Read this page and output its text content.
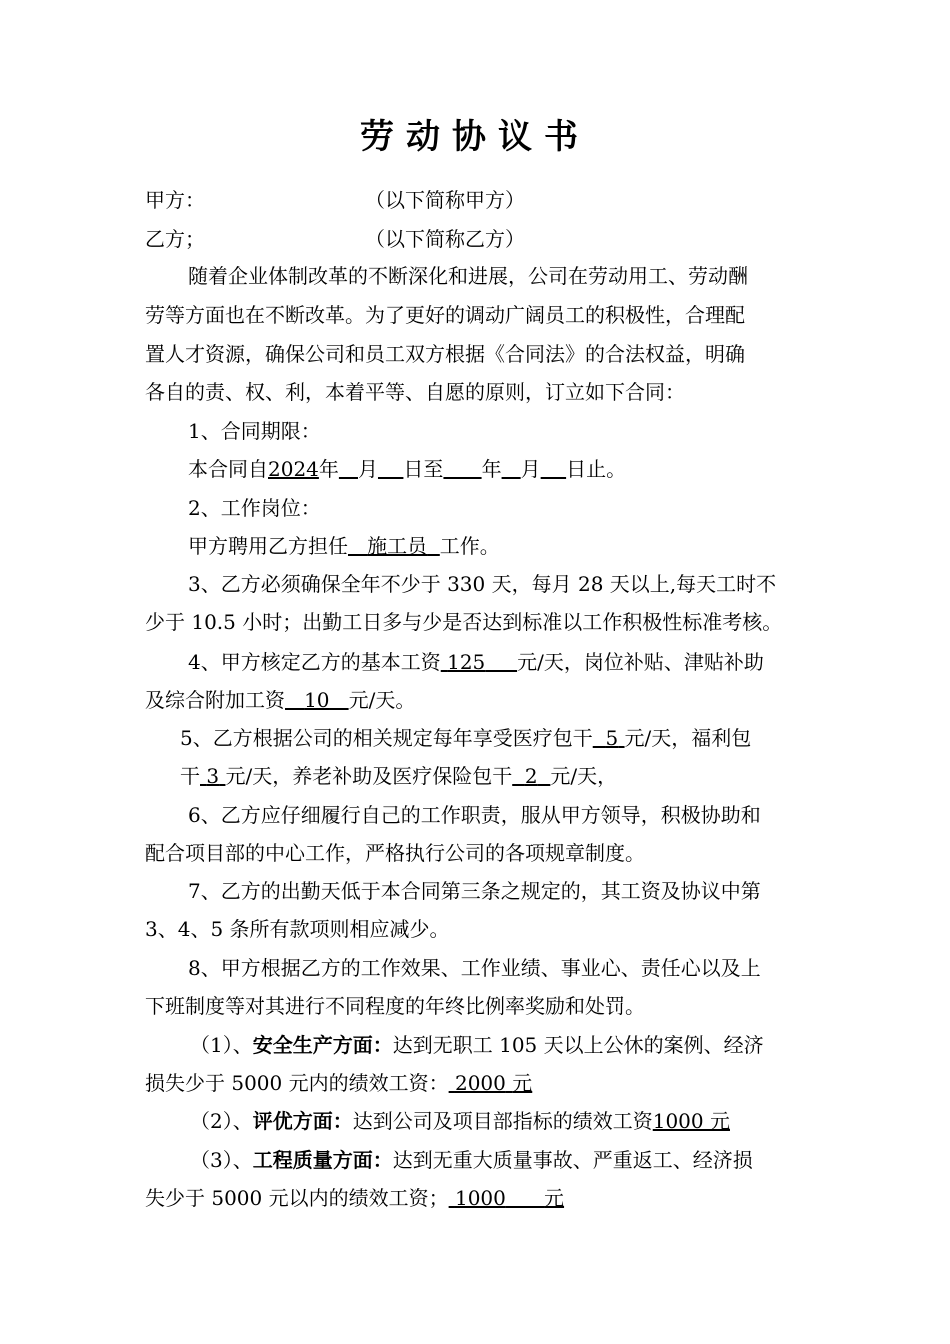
劳动协议书
甲方：	（以下简称甲方）
乙方；	（以下简称乙方）
随着企业体制改革的不断深化和进展，公司在劳动用工、劳动酬
劳等方面也在不断改革。为了更好的调动广阔员工的积极性，合理配
置人才资源，确保公司和员工双方根据《合同法》的合法权益，明确
各自的责、权、利，本着平等、自愿的原则，订立如下合同：
1、合同期限：
本合同自2024年 月 日至 年 月 日止。
2、工作岗位：
甲方聘用乙方担任 施工员 工作。
3、乙方必须确保全年不少于 330 天，每月 28 天以上,每天工时不
少于 10.5 小时；出勤工日多与少是否达到标准以工作积极性标准考核。
4、甲方核定乙方的基本工资 125 元/天，岗位补贴、津贴补助
及综合附加工资 10 元/天。
5、乙方根据公司的相关规定每年享受医疗包干 5 元/天，福利包
干 3 元/天，养老补助及医疗保险包干 2 元/天，
6、乙方应仔细履行自己的工作职责，服从甲方领导，积极协助和
配合项目部的中心工作，严格执行公司的各项规章制度。
7、乙方的出勤天低于本合同第三条之规定的，其工资及协议中第
3、4、5 条所有款项则相应减少。
8、甲方根据乙方的工作效果、工作业绩、事业心、责任心以及上
下班制度等对其进行不同程度的年终比例率奖励和处罚。
（1）、安全生产方面：达到无职工 105 天以上公休的案例、经济
损失少于 5000 元内的绩效工资： 2000 元
（2）、评优方面：达到公司及项目部指标的绩效工资1000 元
（3）、工程质量方面：达到无重大质量事故、严重返工、经济损
失少于 5000 元以内的绩效工资； 1000 元
